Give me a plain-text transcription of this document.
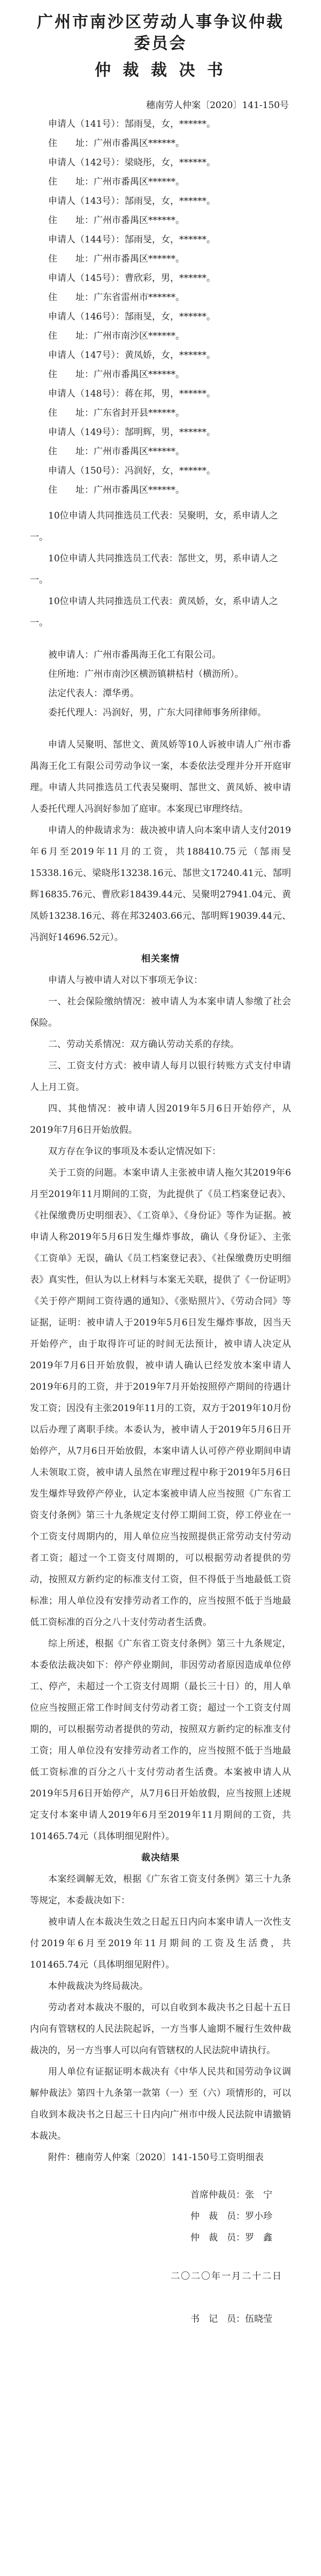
广州市南沙区劳动人事争议仲裁委员会
仲 裁 裁 决 书
穗南劳人仲案〔2020〕141-150号
申请人（141号）：郜雨旻，女，******。
住　　址：广州市番禺区******。
申请人（142号）：梁晓彤，女，******。
住　　址：广州市番禺区******。
申请人（143号）：郜雨旻，女，******。
住　　址：广州市番禺区******。
申请人（144号）：郜雨旻，女，******。
住　　址：广州市番禺区******。
申请人（145号）：曹欣彩，男，******。
住　　址：广东省雷州市******。
申请人（146号）：郜雨旻，女，******。
住　　址：广州市南沙区******。
申请人（147号）：黄凤娇，女，******。
住　　址：广州市番禺区******。
申请人（148号）：蒋在邦，男，******。
住　　址：广东省封开县******。
申请人（149号）：郜明辉，男，******。
住　　址：广州市番禺区******。
申请人（150号）：冯润好，女，******。
住　　址：广州市番禺区******。
10位申请人共同推选员工代表：吴聚明，女，系申请人之一。
10位申请人共同推选员工代表：郜世文，男，系申请人之一。
10位申请人共同推选员工代表：黄凤娇，女，系申请人之一。
被申请人：广州市番禺海王化工有限公司。
住所地：广州市南沙区横沥镇耕桔村（横沥所）。
法定代表人：潭华勇。
委托代理人：冯润好，男，广东大同律师事务所律师。
申请人吴聚明、郜世文、黄凤娇等10人诉被申请人广州市番禺海王化工有限公司劳动争议一案，本委依法受理并分开开庭审理。申请人共同推选员工代表吴聚明、郜世文、黄凤娇、被申请人委托代理人冯润好参加了庭审。本案现已审理终结。
申请人的仲裁请求为：裁决被申请人向本案申请人支付2019年6月至2019年11月的工资，共188410.75元（郜雨旻15338.16元、梁晓彤13238.16元、郜世文17240.41元、郜明辉16835.76元、曹欣彩18439.44元、吴聚明27941.04元、黄凤娇13238.16元、蒋在邦32403.66元、郜明辉19039.44元、冯润好14696.52元）。
相关案情
申请人与被申请人对以下事项无争议：
一、社会保险缴纳情况：被申请人为本案申请人参缴了社会保险。
二、劳动关系情况：双方确认劳动关系的存续。
三、工资支付方式：被申请人每月以银行转账方式支付申请人上月工资。
四、其他情况：被申请人因2019年5月6日开始停产，从2019年7月6日开始放假。
双方存在争议的事项及本委认定情况如下：
关于工资的问题。本案申请人主张被申请人拖欠其2019年6月至2019年11月期间的工资，为此提供了《员工档案登记表》、《社保缴费历史明细表》、《工资单》、《身份证》等作为证据。被申请人称2019年5月6日发生爆炸事故，确认《身份证》、主张《工资单》无误，确认《员工档案登记表》、《社保缴费历史明细表》真实性，但认为以上材料与本案无关联，提供了《一份证明》《关于停产期间工资待遇的通知》、《张贴照片》、《劳动合同》等证据，证明：被申请人于2019年5月6日发生爆炸事故，因当天开始停产，由于取得许可证的时间无法预计，被申请人决定从2019年7月6日开始放假，被申请人确认已经发放本案申请人2019年6月的工资，并于2019年7月开始按照停产期间的待遇计发工资；因没有主张2019年11月的工资，双方于2019年10月份以后办理了离职手续。本委认为，被申请人于2019年5月6日开始停产，从7月6日开始放假，本案申请人认可停产停业期间申请人未领取工资，被申请人虽然在审理过程中称于2019年5月6日发生爆炸导致停产停业，认定本案被申请人应当按照《广东省工资支付条例》第三十九条规定支付停工期间工资，停工停业在一个工资支付周期内的，用人单位应当按照提供正常劳动支付劳动者工资；超过一个工资支付周期的，可以根据劳动者提供的劳动，按照双方新约定的标准支付工资，但不得低于当地最低工资标准；用人单位没有安排劳动者工作的，应当按照不低于当地最低工资标准的百分之八十支付劳动者生活费。
综上所述，根据《广东省工资支付条例》第三十九条规定，本委依法裁决如下：停产停业期间，非因劳动者原因造成单位停工、停产，未超过一个工资支付周期（最长三十日）的，用人单位应当按照正常工作时间支付劳动者工资；超过一个工资支付周期的，可以根据劳动者提供的劳动，按照双方新约定的标准支付工资；用人单位没有安排劳动者工作的，应当按照不低于当地最低工资标准的百分之八十支付劳动者生活费。本案被申请人从2019年5月6日开始停产，从7月6日开始放假，应当按照上述规定支付本案申请人2019年6月至2019年11月期间的工资，共101465.74元（具体明细见附件）。
裁决结果
本案经调解无效，根据《广东省工资支付条例》第三十九条等规定，本委裁决如下：
被申请人在本裁决生效之日起五日内向本案申请人一次性支付2019年6月至2019年11月期间的工资及生活费，共101465.74元（具体明细见附件）。
本仲裁裁决为终局裁决。
劳动者对本裁决不服的，可以自收到本裁决书之日起十五日内向有管辖权的人民法院起诉，一方当事人逾期不履行生效仲裁裁决的，另一方当事人可以向有管辖权的人民法院申请执行。
用人单位有证据证明本裁决有《中华人民共和国劳动争议调解仲裁法》第四十九条第一款第（一）至（六）项情形的，可以自收到本裁决书之日起三十日内向广州市中级人民法院申请撤销本裁决。
附件：穗南劳人仲案〔2020〕141-150号工资明细表
首席仲裁员：张　宁
仲　裁　员：罗小珍
仲　裁　员：罗　鑫
二〇二〇年一月二十二日
书　记　员：伍晓莹
